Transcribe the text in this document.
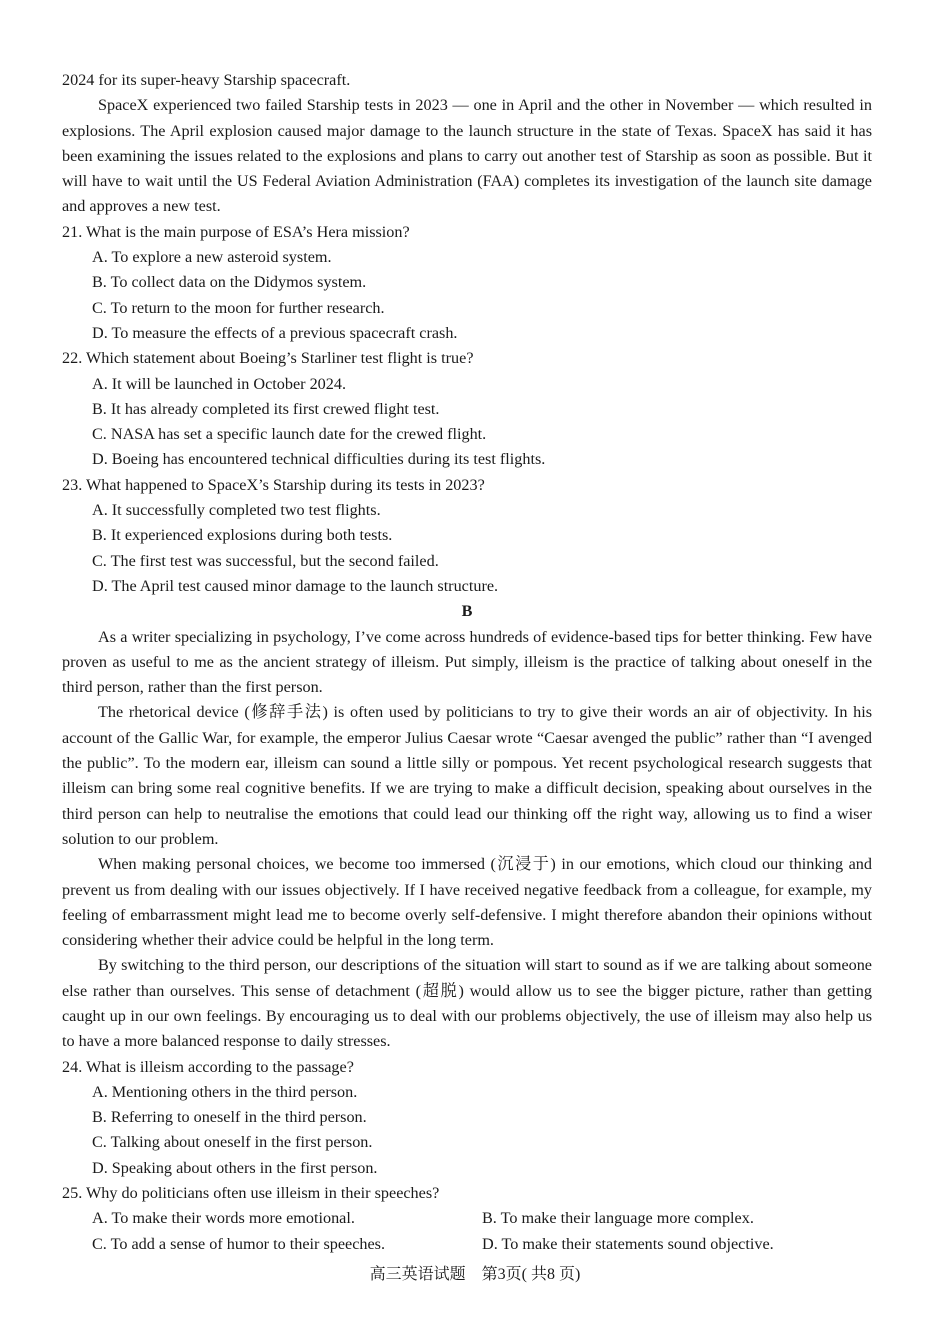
2024 for its super-heavy Starship spacecraft.

SpaceX experienced two failed Starship tests in 2023 — one in April and the other in November — which resulted in explosions. The April explosion caused major damage to the launch structure in the state of Texas. SpaceX has said it has been examining the issues related to the explosions and plans to carry out another test of Starship as soon as possible. But it will have to wait until the US Federal Aviation Administration (FAA) completes its investigation of the launch site damage and approves a new test.

21. What is the main purpose of ESA’s Hera mission?

A. To explore a new asteroid system.

B. To collect data on the Didymos system.

C. To return to the moon for further research.

D. To measure the effects of a previous spacecraft crash.

22. Which statement about Boeing’s Starliner test flight is true?

A. It will be launched in October 2024.

B. It has already completed its first crewed flight test.

C. NASA has set a specific launch date for the crewed flight.

D. Boeing has encountered technical difficulties during its test flights.

23. What happened to SpaceX’s Starship during its tests in 2023?

A. It successfully completed two test flights.

B. It experienced explosions during both tests.

C. The first test was successful, but the second failed.

D. The April test caused minor damage to the launch structure.

B

As a writer specializing in psychology, I’ve come across hundreds of evidence-based tips for better thinking. Few have proven as useful to me as the ancient strategy of illeism. Put simply, illeism is the practice of talking about oneself in the third person, rather than the first person.

The rhetorical device (修辞手法) is often used by politicians to try to give their words an air of objectivity. In his account of the Gallic War, for example, the emperor Julius Caesar wrote “Caesar avenged the public” rather than “I avenged the public”. To the modern ear, illeism can sound a little silly or pompous. Yet recent psychological research suggests that illeism can bring some real cognitive benefits. If we are trying to make a difficult decision, speaking about ourselves in the third person can help to neutralise the emotions that could lead our thinking off the right way, allowing us to find a wiser solution to our problem.

When making personal choices, we become too immersed (沉浸于) in our emotions, which cloud our thinking and prevent us from dealing with our issues objectively. If I have received negative feedback from a colleague, for example, my feeling of embarrassment might lead me to become overly self-defensive. I might therefore abandon their opinions without considering whether their advice could be helpful in the long term.

By switching to the third person, our descriptions of the situation will start to sound as if we are talking about someone else rather than ourselves. This sense of detachment (超脱) would allow us to see the bigger picture, rather than getting caught up in our own feelings. By encouraging us to deal with our problems objectively, the use of illeism may also help us to have a more balanced response to daily stresses.

24. What is illeism according to the passage?

A. Mentioning others in the third person.

B. Referring to oneself in the third person.

C. Talking about oneself in the first person.

D. Speaking about others in the first person.

25. Why do politicians often use illeism in their speeches?

A. To make their words more emotional.	B. To make their language more complex.
C. To add a sense of humor to their speeches.	D. To make their statements sound objective.
高三英语试题 第3页( 共8 页)
